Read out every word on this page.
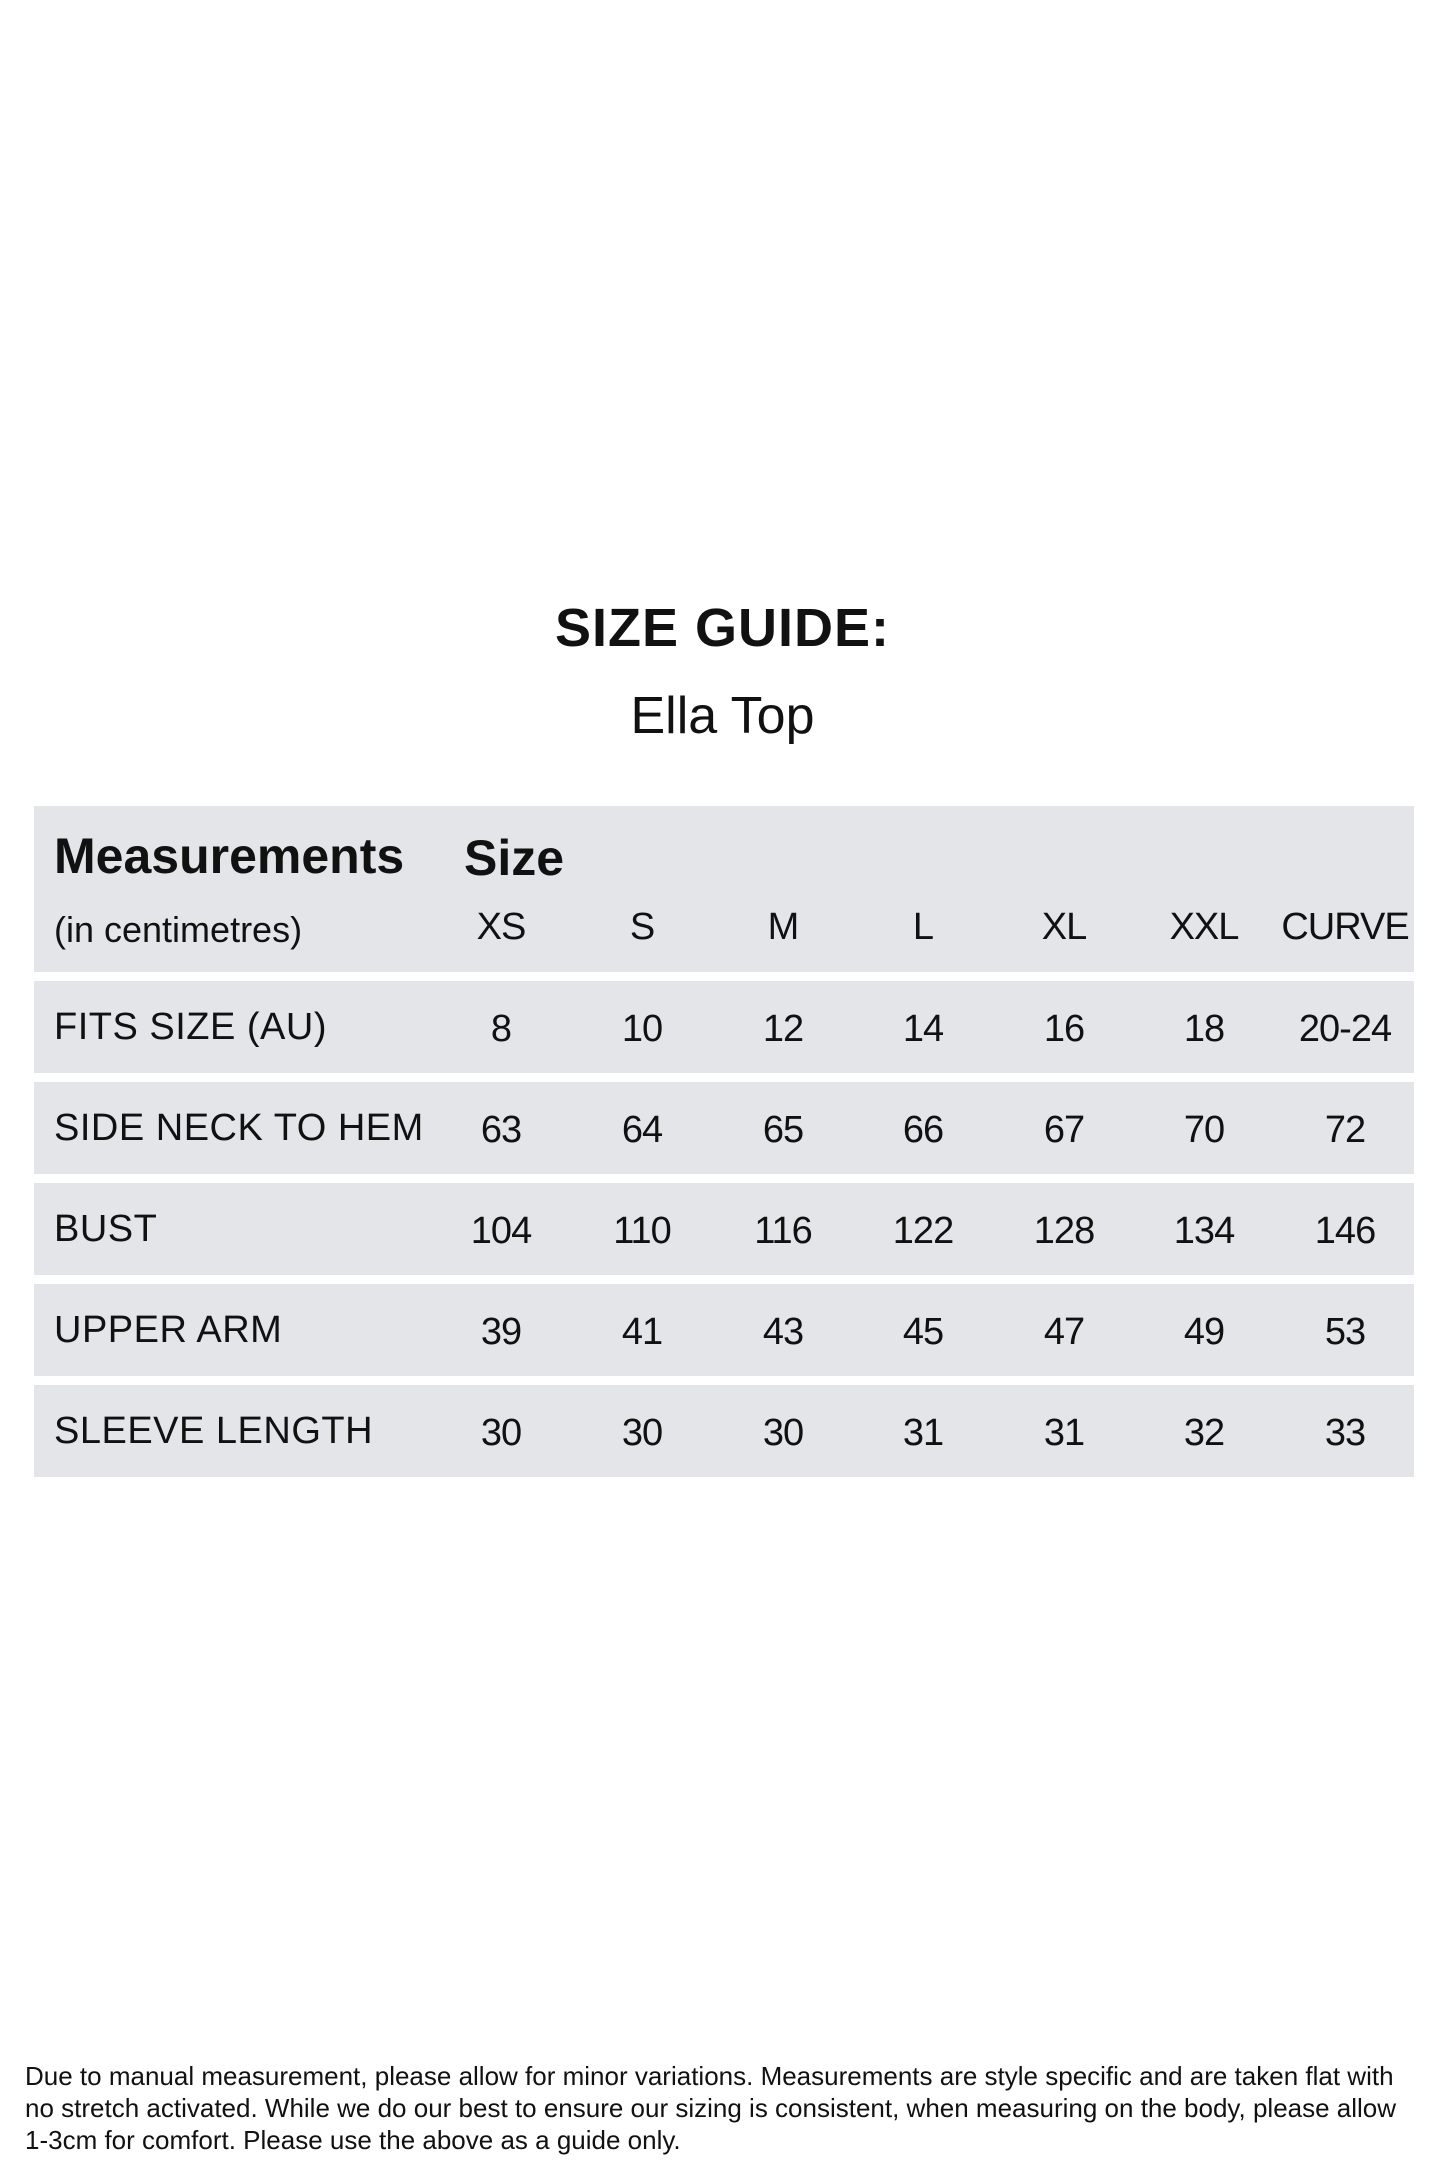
SIZE GUIDE:
Ella Top
Measurements
(in centimetres)
Size
XS	S	M	L	XL	XXL	CURVE
FITS SIZE (AU)	8	10	12	14	16	18	20-24
SIDE NECK TO HEM	63	64	65	66	67	70	72
BUST	104	110	116	122	128	134	146
UPPER ARM	39	41	43	45	47	49	53
SLEEVE LENGTH	30	30	30	31	31	32	33
Due to manual measurement, please allow for minor variations. Measurements are style specific and are taken flat with no stretch activated. While we do our best to ensure our sizing is consistent, when measuring on the body, please allow 1-3cm for comfort. Please use the above as a guide only.
